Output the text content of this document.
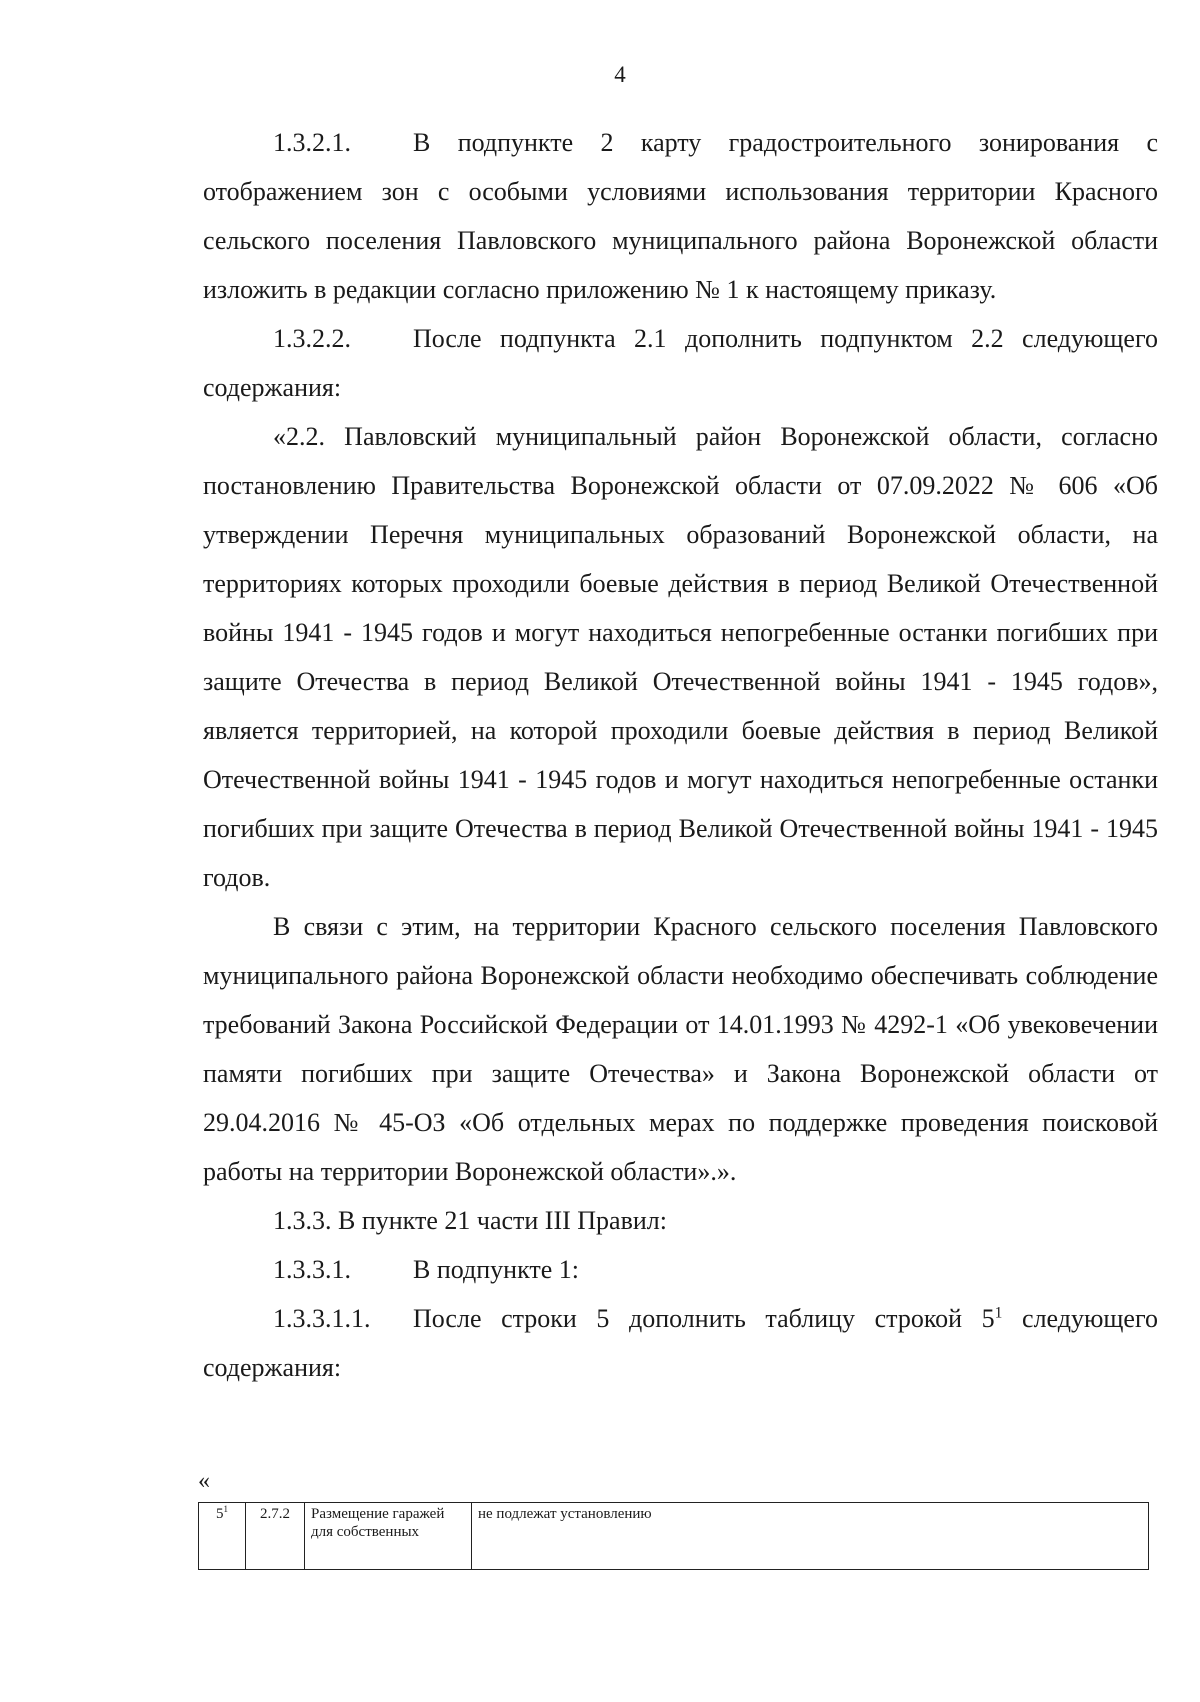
4

1.3.2.1. В подпункте 2 карту градостроительного зонирования с отображением зон с особыми условиями использования территории Красного сельского поселения Павловского муниципального района Воронежской области изложить в редакции согласно приложению № 1 к настоящему приказу.

1.3.2.2. После подпункта 2.1 дополнить подпунктом 2.2 следующего содержания:

«2.2. Павловский муниципальный район Воронежской области, согласно постановлению Правительства Воронежской области от 07.09.2022 № 606 «Об утверждении Перечня муниципальных образований Воронежской области, на территориях которых проходили боевые действия в период Великой Отечественной войны 1941 - 1945 годов и могут находиться непогребенные останки погибших при защите Отечества в период Великой Отечественной войны 1941 - 1945 годов», является территорией, на которой проходили боевые действия в период Великой Отечественной войны 1941 - 1945 годов и могут находиться непогребенные останки погибших при защите Отечества в период Великой Отечественной войны 1941 - 1945 годов.

В связи с этим, на территории Красного сельского поселения Павловского муниципального района Воронежской области необходимо обеспечивать соблюдение требований Закона Российской Федерации от 14.01.1993 № 4292-1 «Об увековечении памяти погибших при защите Отечества» и Закона Воронежской области от 29.04.2016 № 45-ОЗ «Об отдельных мерах по поддержке проведения поисковой работы на территории Воронежской области».».

1.3.3. В пункте 21 части III Правил:

1.3.3.1. В подпункте 1:

1.3.3.1.1. После строки 5 дополнить таблицу строкой $5^1$ следующего содержания:

«
$5^1$	2.7.2	Размещение гаражей для собственных	не подлежат установлению
